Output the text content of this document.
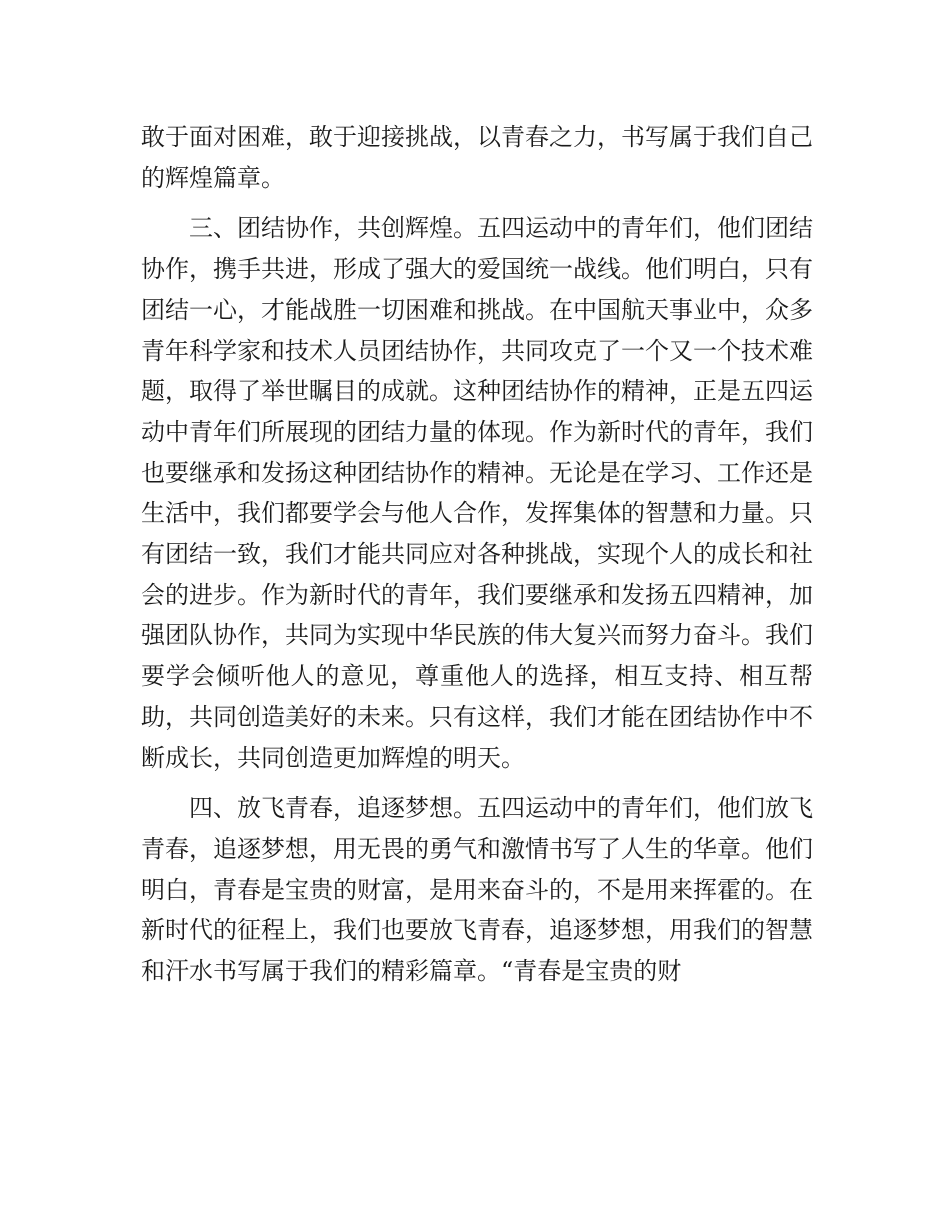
敢于面对困难，敢于迎接挑战，以青春之力，书写属于我们自己的辉煌篇章。

三、团结协作，共创辉煌。五四运动中的青年们，他们团结协作，携手共进，形成了强大的爱国统一战线。他们明白，只有团结一心，才能战胜一切困难和挑战。在中国航天事业中，众多青年科学家和技术人员团结协作，共同攻克了一个又一个技术难题，取得了举世瞩目的成就。这种团结协作的精神，正是五四运动中青年们所展现的团结力量的体现。作为新时代的青年，我们也要继承和发扬这种团结协作的精神。无论是在学习、工作还是生活中，我们都要学会与他人合作，发挥集体的智慧和力量。只有团结一致，我们才能共同应对各种挑战，实现个人的成长和社会的进步。作为新时代的青年，我们要继承和发扬五四精神，加强团队协作，共同为实现中华民族的伟大复兴而努力奋斗。我们要学会倾听他人的意见，尊重他人的选择，相互支持、相互帮助，共同创造美好的未来。只有这样，我们才能在团结协作中不断成长，共同创造更加辉煌的明天。

四、放飞青春，追逐梦想。五四运动中的青年们，他们放飞青春，追逐梦想，用无畏的勇气和激情书写了人生的华章。他们明白，青春是宝贵的财富，是用来奋斗的，不是用来挥霍的。在新时代的征程上，我们也要放飞青春，追逐梦想，用我们的智慧和汗水书写属于我们的精彩篇章。“青春是宝贵的财
